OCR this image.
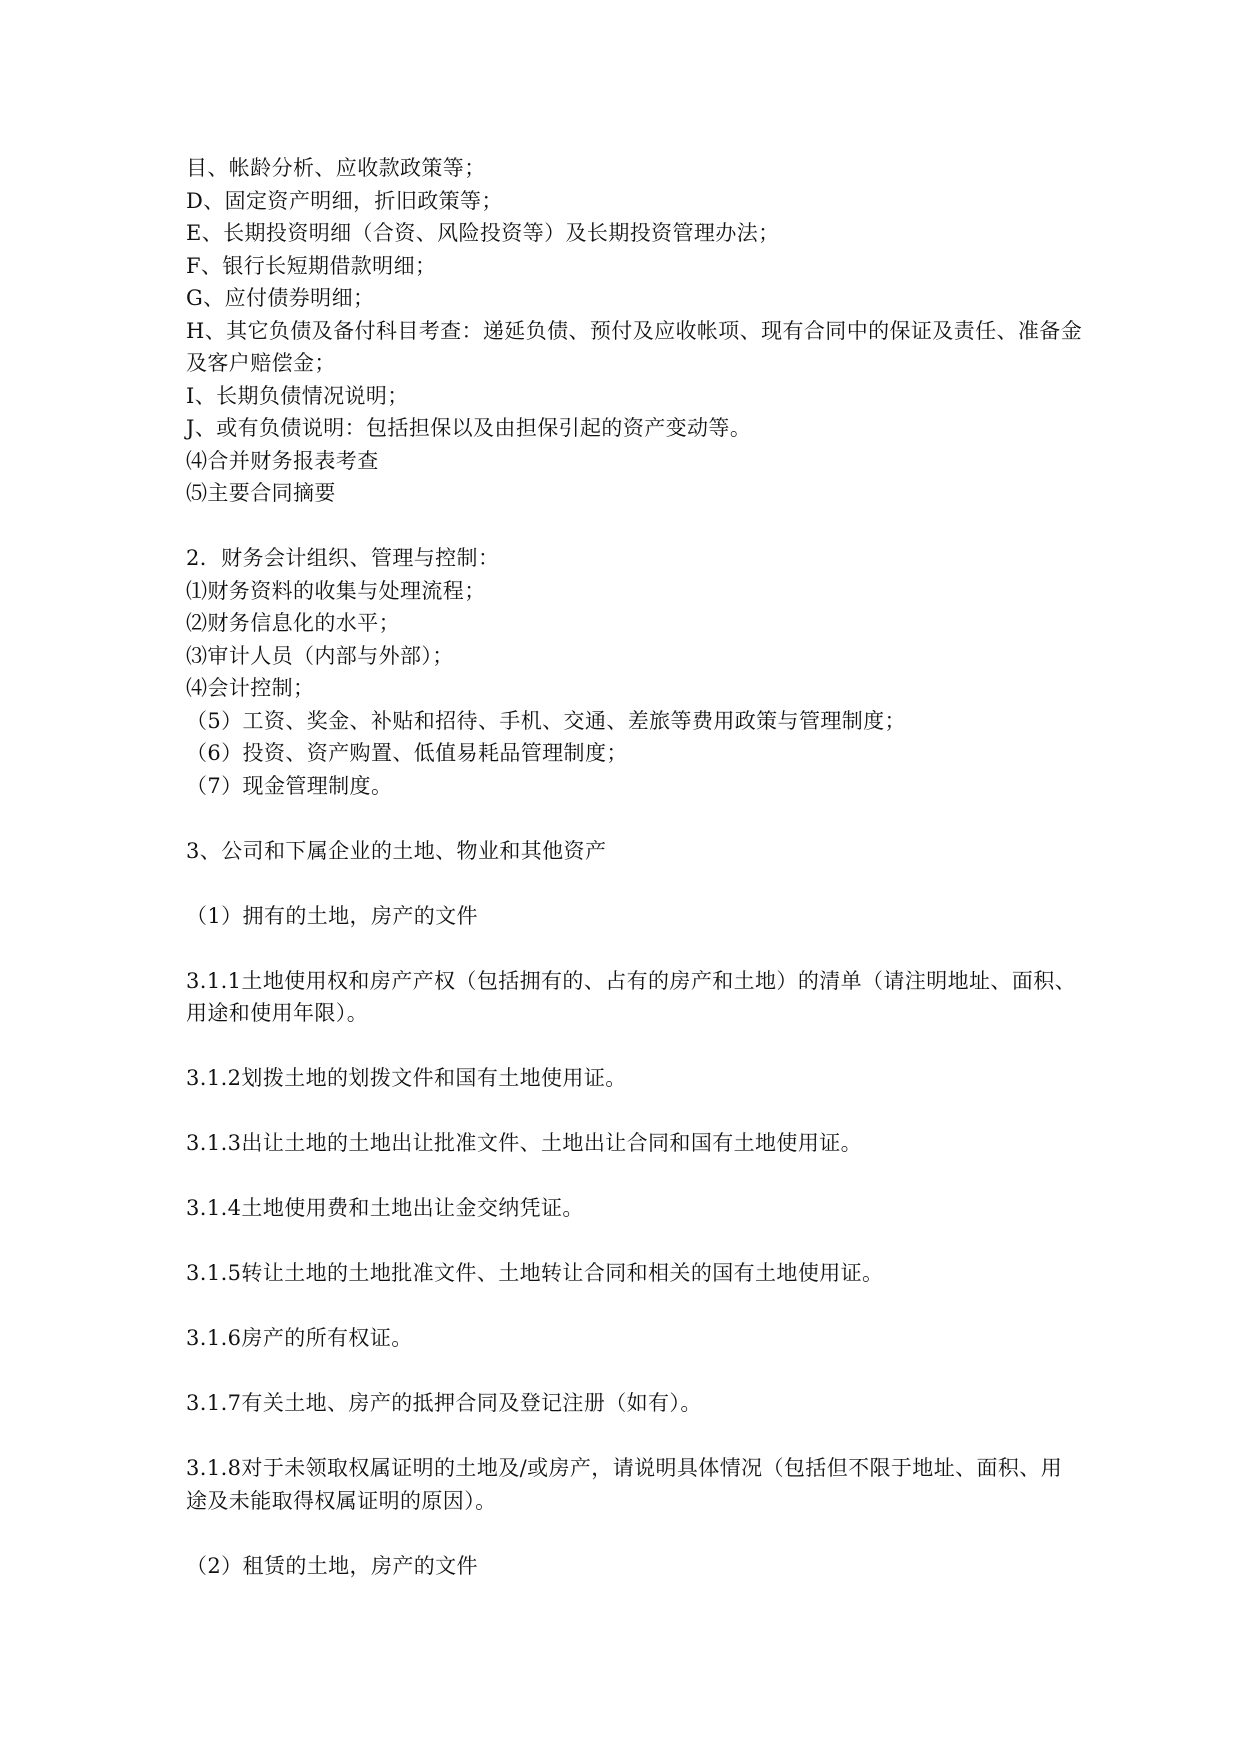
目、帐龄分析、应收款政策等；
D、固定资产明细，折旧政策等；
E、长期投资明细（合资、风险投资等）及长期投资管理办法；
F、银行长短期借款明细；
G、应付债券明细；
H、其它负债及备付科目考查：递延负债、预付及应收帐项、现有合同中的保证及责任、准备金
及客户赔偿金；
I、长期负债情况说明；
J、或有负债说明：包括担保以及由担保引起的资产变动等。
⑷合并财务报表考查
⑸主要合同摘要
2．财务会计组织、管理与控制：
⑴财务资料的收集与处理流程；
⑵财务信息化的水平；
⑶审计人员（内部与外部）；
⑷会计控制；
（5）工资、奖金、补贴和招待、手机、交通、差旅等费用政策与管理制度；
（6）投资、资产购置、低值易耗品管理制度；
（7）现金管理制度。
3、公司和下属企业的土地、物业和其他资产
（1）拥有的土地，房产的文件
3.1.1土地使用权和房产产权（包括拥有的、占有的房产和土地）的清单（请注明地址、面积、
用途和使用年限）。
3.1.2划拨土地的划拨文件和国有土地使用证。
3.1.3出让土地的土地出让批准文件、土地出让合同和国有土地使用证。
3.1.4土地使用费和土地出让金交纳凭证。
3.1.5转让土地的土地批准文件、土地转让合同和相关的国有土地使用证。
3.1.6房产的所有权证。
3.1.7有关土地、房产的抵押合同及登记注册（如有）。
3.1.8对于未领取权属证明的土地及/或房产，请说明具体情况（包括但不限于地址、面积、用
途及未能取得权属证明的原因）。
（2）租赁的土地，房产的文件
